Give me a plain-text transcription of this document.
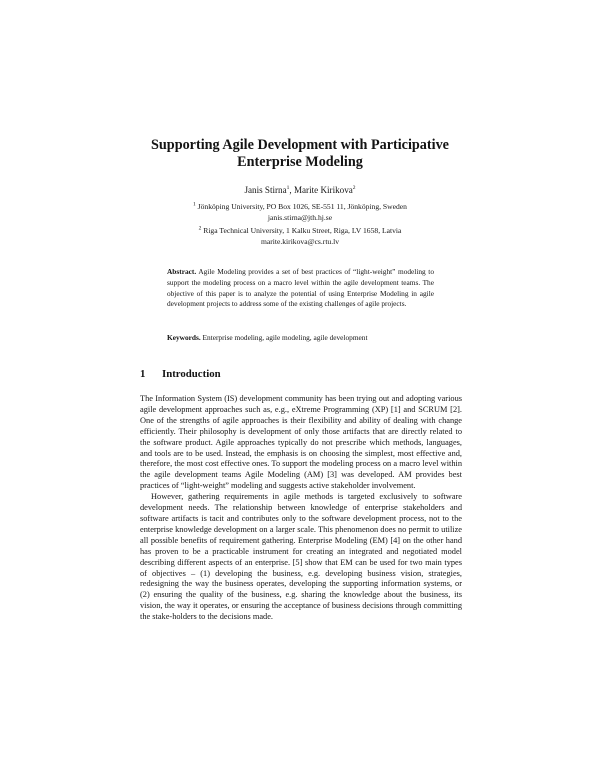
Supporting Agile Development with Participative
Enterprise Modeling
Janis Stirna$^1$, Marite Kirikova$^2$
$^1$ Jönköping University, PO Box 1026, SE-551 11, Jönköping, Sweden
janis.stirna@jth.hj.se
$^2$ Riga Technical University, 1 Kalku Street, Riga, LV 1658, Latvia
marite.kirikova@cs.rtu.lv
Abstract. Agile Modeling provides a set of best practices of “light-weight” modeling to support the modeling process on a macro level within the agile development teams. The objective of this paper is to analyze the potential of using Enterprise Modeling in agile development projects to address some of the existing challenges of agile projects.
Keywords. Enterprise modeling, agile modeling, agile development
1 Introduction

The Information System (IS) development community has been trying out and adopting various agile development approaches such as, e.g., eXtreme Programming (XP) [1] and SCRUM [2]. One of the strengths of agile approaches is their flexibility and ability of dealing with change efficiently. Their philosophy is development of only those artifacts that are directly related to the software product. Agile approaches typically do not prescribe which methods, languages, and tools are to be used. Instead, the emphasis is on choosing the simplest, most effective and, therefore, the most cost effective ones. To support the modeling process on a macro level within the agile development teams Agile Modeling (AM) [3] was developed. AM provides best practices of “light-weight” modeling and suggests active stakeholder involvement.

However, gathering requirements in agile methods is targeted exclusively to software development needs. The relationship between knowledge of enterprise stakeholders and software artifacts is tacit and contributes only to the software development process, not to the enterprise knowledge development on a larger scale. This phenomenon does no permit to utilize all possible benefits of requirement gathering. Enterprise Modeling (EM) [4] on the other hand has proven to be a practicable instrument for creating an integrated and negotiated model describing different aspects of an enterprise. [5] show that EM can be used for two main types of objectives – (1) developing the business, e.g. developing business vision, strategies, redesigning the way the business operates, developing the supporting information systems, or (2) ensuring the quality of the business, e.g. sharing the knowledge about the business, its vision, the way it operates, or ensuring the acceptance of business decisions through committing the stake-holders to the decisions made.
